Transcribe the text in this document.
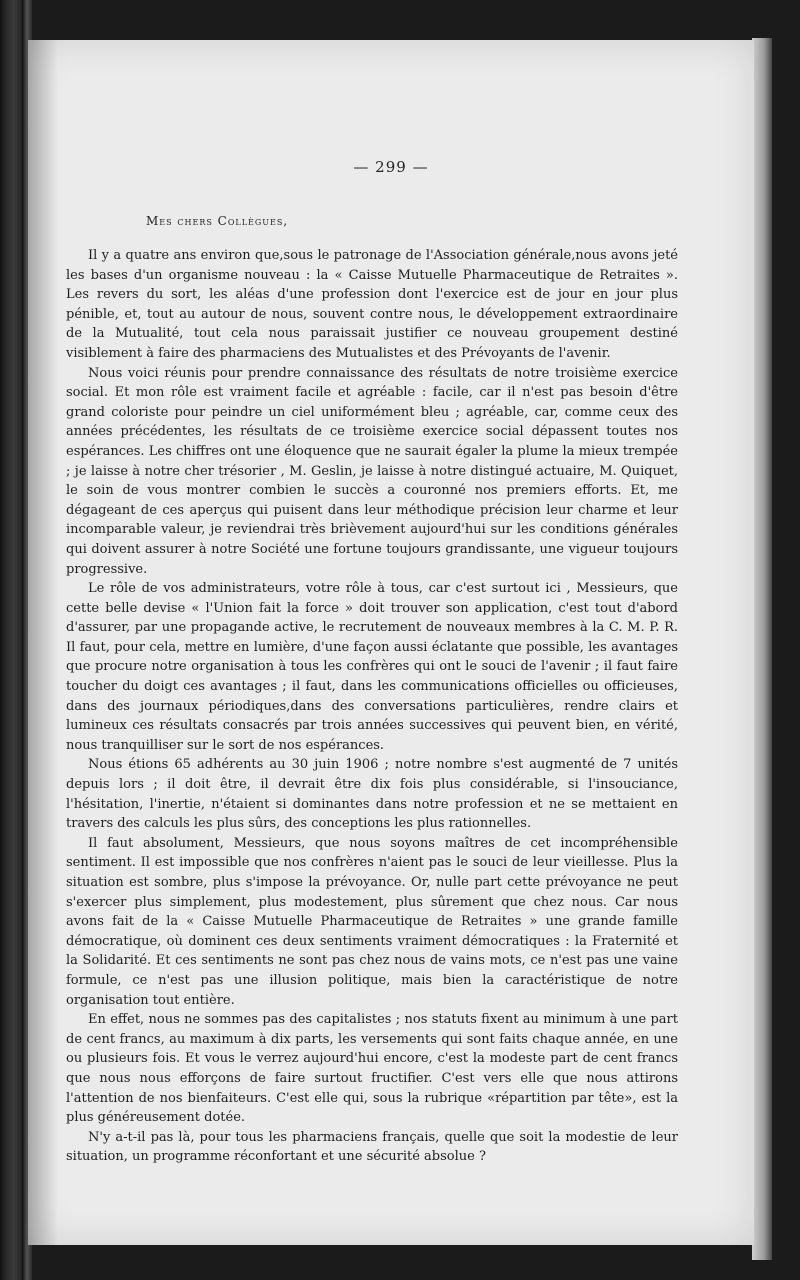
— 299 —
Mes chers Collègues,

Il y a quatre ans environ que,sous le patronage de l'Association générale,nous avons jeté les bases d'un organisme nouveau : la « Caisse Mutuelle Pharmaceutique de Retraites ». Les revers du sort, les aléas d'une profession dont l'exercice est de jour en jour plus pénible, et, tout au autour de nous, souvent contre nous, le développement extraordinaire de la Mutualité, tout cela nous paraissait justifier ce nouveau groupement destiné visiblement à faire des pharmaciens des Mutualistes et des Prévoyants de l'avenir.

Nous voici réunis pour prendre connaissance des résultats de notre troisième exercice social. Et mon rôle est vraiment facile et agréable : facile, car il n'est pas besoin d'être grand coloriste pour peindre un ciel uniformément bleu ; agréable, car, comme ceux des années précédentes, les résultats de ce troisième exercice social dépassent toutes nos espérances. Les chiffres ont une éloquence que ne saurait égaler la plume la mieux trempée ; je laisse à notre cher trésorier , M. Geslin, je laisse à notre distingué actuaire, M. Quiquet, le soin de vous montrer combien le succès a couronné nos premiers efforts. Et, me dégageant de ces aperçus qui puisent dans leur méthodique précision leur charme et leur incomparable valeur, je reviendrai très brièvement aujourd'hui sur les conditions générales qui doivent assurer à notre Société une fortune toujours grandissante, une vigueur toujours progressive.

Le rôle de vos administrateurs, votre rôle à tous, car c'est surtout ici , Messieurs, que cette belle devise « l'Union fait la force » doit trouver son application, c'est tout d'abord d'assurer, par une propagande active, le recrutement de nouveaux membres à la C. M. P. R. Il faut, pour cela, mettre en lumière, d'une façon aussi éclatante que possible, les avantages que procure notre organisation à tous les confrères qui ont le souci de l'avenir ; il faut faire toucher du doigt ces avantages ; il faut, dans les communications officielles ou officieuses, dans des journaux périodiques,dans des conversations particulières, rendre clairs et lumineux ces résultats consacrés par trois années successives qui peuvent bien, en vérité, nous tranquilliser sur le sort de nos espérances.

Nous étions 65 adhérents au 30 juin 1906 ; notre nombre s'est augmenté de 7 unités depuis lors ; il doit être, il devrait être dix fois plus considérable, si l'insouciance, l'hésitation, l'inertie, n'étaient si dominantes dans notre profession et ne se mettaient en travers des calculs les plus sûrs, des conceptions les plus rationnelles.

Il faut absolument, Messieurs, que nous soyons maîtres de cet incompréhensible sentiment. Il est impossible que nos confrères n'aient pas le souci de leur vieillesse. Plus la situation est sombre, plus s'impose la prévoyance. Or, nulle part cette prévoyance ne peut s'exercer plus simplement, plus modestement, plus sûrement que chez nous. Car nous avons fait de la « Caisse Mutuelle Pharmaceutique de Retraites » une grande famille démocratique, où dominent ces deux sentiments vraiment démocratiques : la Fraternité et la Solidarité. Et ces sentiments ne sont pas chez nous de vains mots, ce n'est pas une vaine formule, ce n'est pas une illusion politique, mais bien la caractéristique de notre organisation tout entière.

En effet, nous ne sommes pas des capitalistes ; nos statuts fixent au minimum à une part de cent francs, au maximum à dix parts, les versements qui sont faits chaque année, en une ou plusieurs fois. Et vous le verrez aujourd'hui encore, c'est la modeste part de cent francs que nous nous efforçons de faire surtout fructifier. C'est vers elle que nous attirons l'attention de nos bienfaiteurs. C'est elle qui, sous la rubrique «répartition par tête», est la plus généreusement dotée.

N'y a-t-il pas là, pour tous les pharmaciens français, quelle que soit la modestie de leur situation, un programme réconfortant et une sécurité absolue ?
